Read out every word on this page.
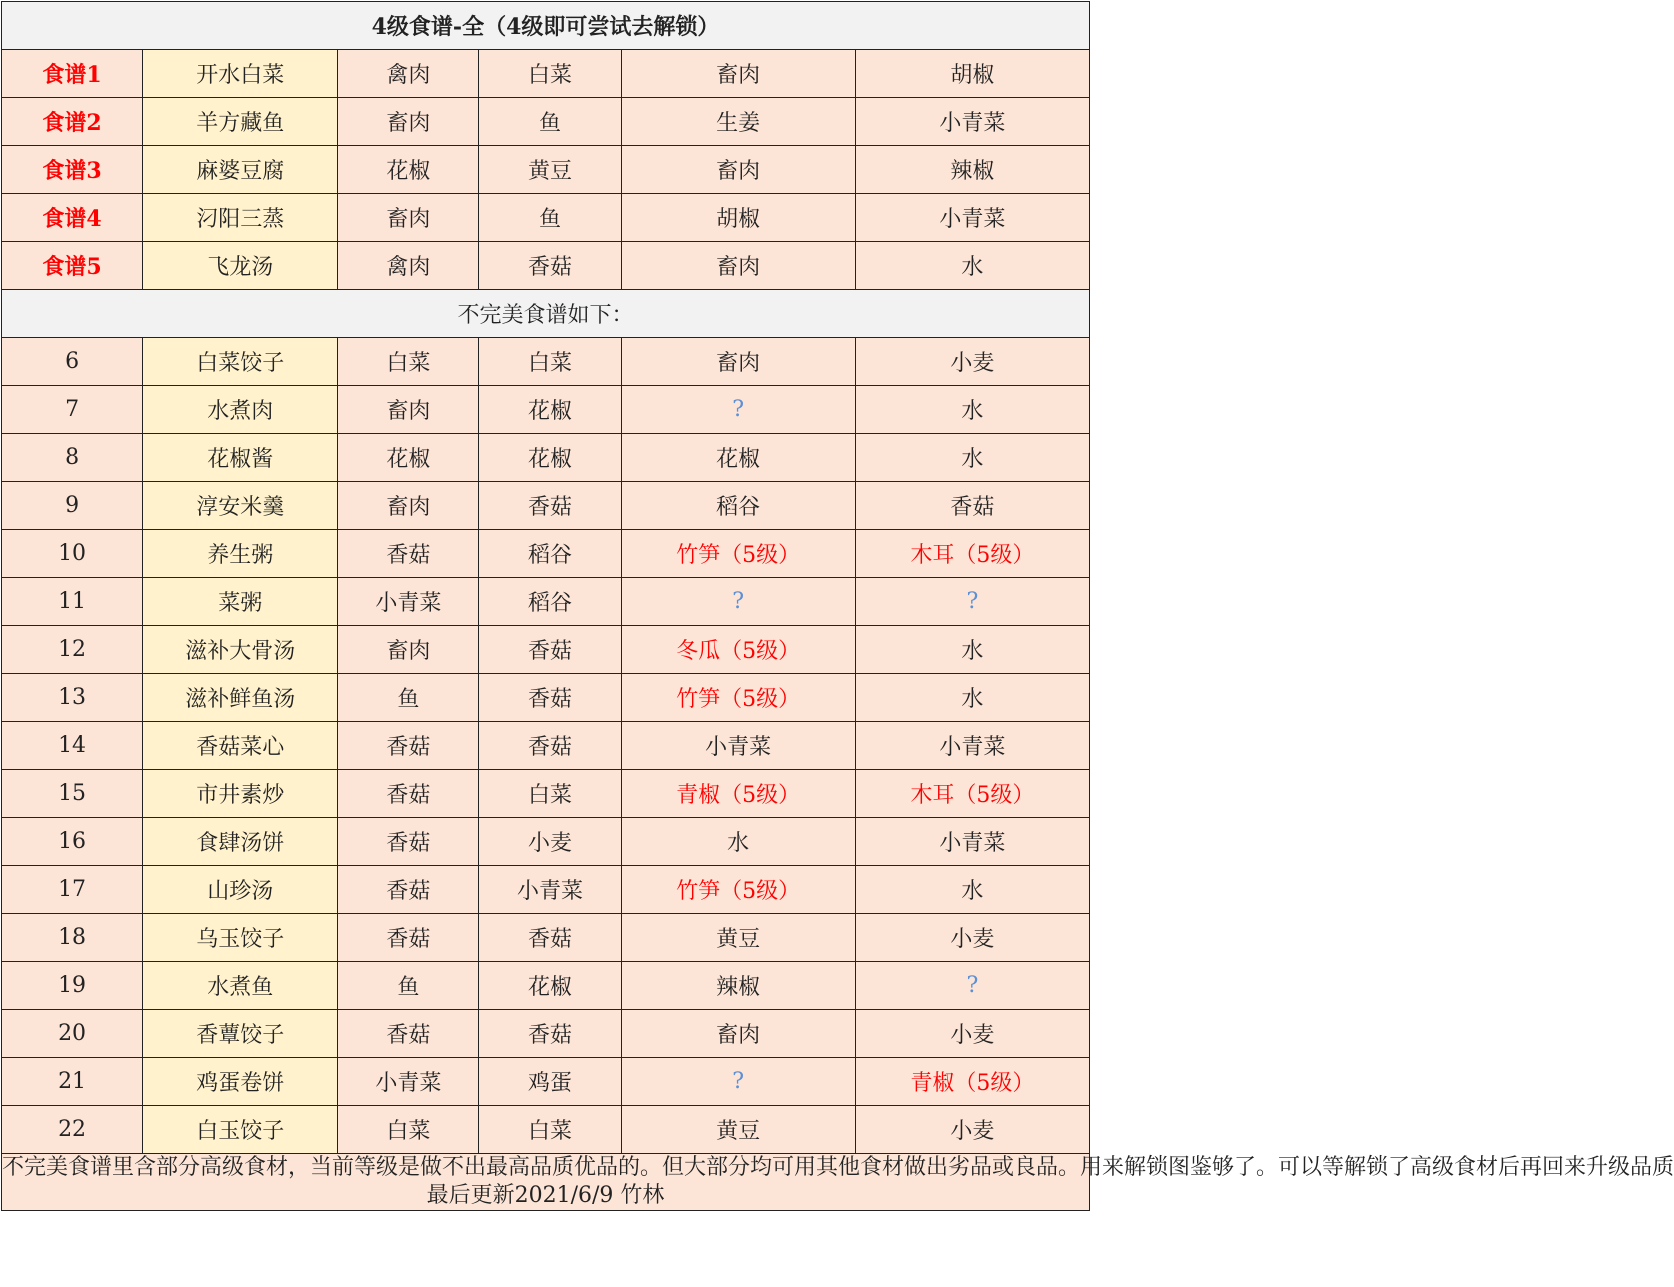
4级食谱-全（4级即可尝试去解锁）					
食谱1	开水白菜	禽肉	白菜	畜肉	胡椒
食谱2	羊方藏鱼	畜肉	鱼	生姜	小青菜
食谱3	麻婆豆腐	花椒	黄豆	畜肉	辣椒
食谱4	汈阳三蒸	畜肉	鱼	胡椒	小青菜
食谱5	飞龙汤	禽肉	香菇	畜肉	水
不完美食谱如下：					
6	白菜饺子	白菜	白菜	畜肉	小麦
7	水煮肉	畜肉	花椒	?	水
8	花椒酱	花椒	花椒	花椒	水
9	淳安米羹	畜肉	香菇	稻谷	香菇
10	养生粥	香菇	稻谷	竹笋（5级）	木耳（5级）
11	菜粥	小青菜	稻谷	?	?
12	滋补大骨汤	畜肉	香菇	冬瓜（5级）	水
13	滋补鲜鱼汤	鱼	香菇	竹笋（5级）	水
14	香菇菜心	香菇	香菇	小青菜	小青菜
15	市井素炒	香菇	白菜	青椒（5级）	木耳（5级）
16	食肆汤饼	香菇	小麦	水	小青菜
17	山珍汤	香菇	小青菜	竹笋（5级）	水
18	乌玉饺子	香菇	香菇	黄豆	小麦
19	水煮鱼	鱼	花椒	辣椒	?
20	香蕈饺子	香菇	香菇	畜肉	小麦
21	鸡蛋卷饼	小青菜	鸡蛋	?	青椒（5级）
22	白玉饺子	白菜	白菜	黄豆	小麦

不完美食谱里含部分高级食材，当前等级是做不出最高品质优品的。但大部分均可用其他食材做出劣品或良品。用来解锁图鉴够了。可以等解锁了高级食材后再回来升级品质
最后更新2021/6/9 竹林					
